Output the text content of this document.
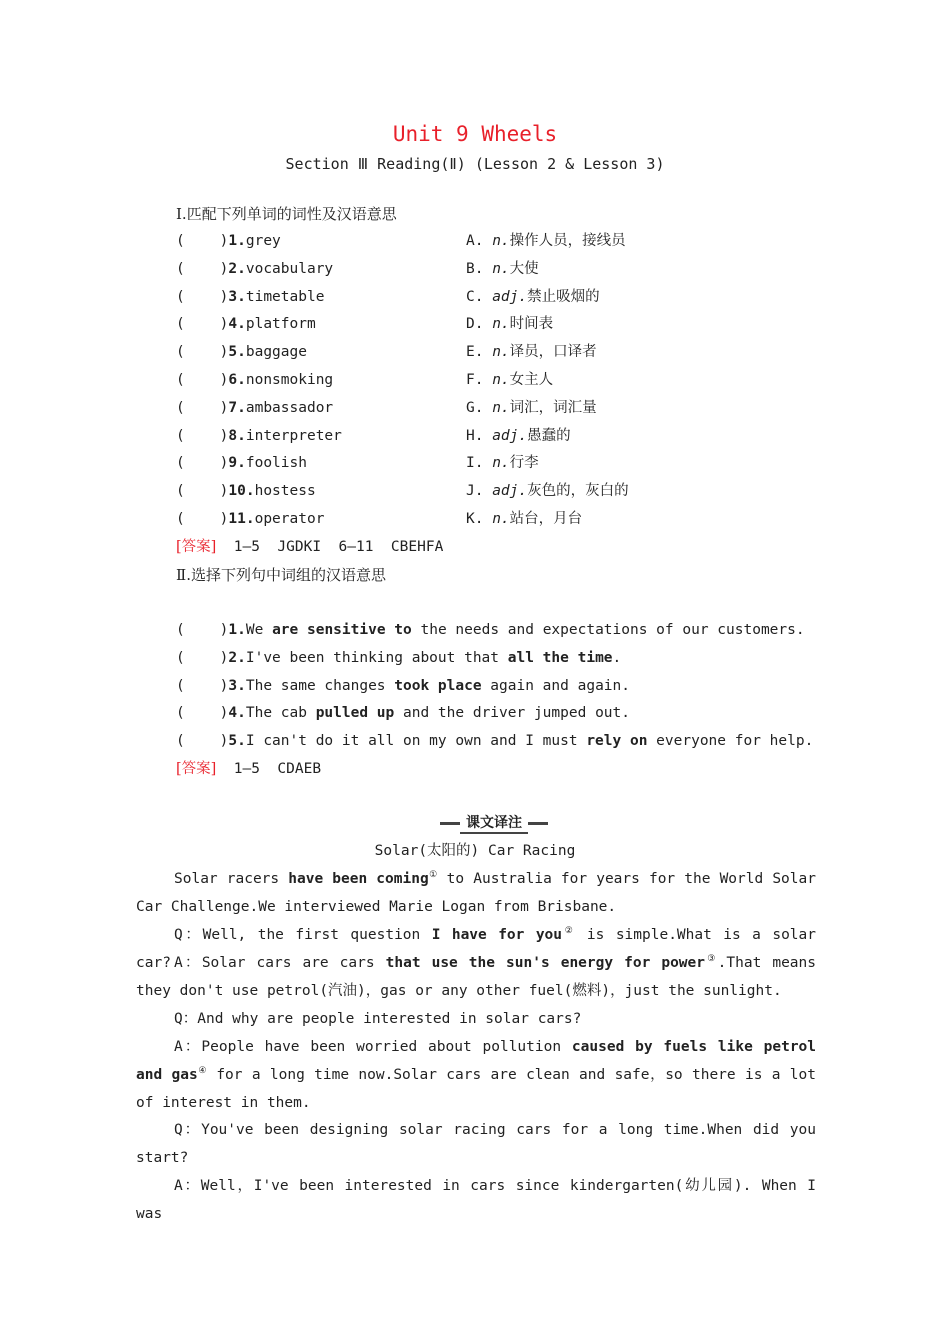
Unit 9 Wheels
Section Ⅲ Reading(Ⅱ) (Lesson 2 & Lesson 3)
Ⅰ.匹配下列单词的词性及汉语意思
(    )1.grey	A. n.操作人员，接线员
(    )2.vocabulary	B. n.大使
(    )3.timetable	C. adj.禁止吸烟的
(    )4.platform	D. n.时间表
(    )5.baggage	E. n.译员，口译者
(    )6.nonsmoking	F. n.女主人
(    )7.ambassador	G. n.词汇，词汇量
(    )8.interpreter	H. adj.愚蠢的
(    )9.foolish	I. n.行李
(    )10.hostess	J. adj.灰色的，灰白的
(    )11.operator	K. n.站台，月台
[答案]  1—5  JGDKI  6—11  CBEHFA
Ⅱ.选择下列句中词组的汉语意思
(    )1.We are sensitive to the needs and expectations of our customers.
(    )2.I've been thinking about that all the time.
(    )3.The same changes took place again and again.
(    )4.The cab pulled up and the driver jumped out.
(    )5.I can't do it all on my own and I must rely on everyone for help.
[答案]  1—5  CDAEB
课文译注
Solar(太阳的) Car Racing
Solar racers have been coming① to Australia for years for the World Solar Car Challenge.We interviewed Marie Logan from Brisbane.
Q：Well, the first question I have for you② is simple.What is a solar car? A：Solar cars are cars that use the sun's energy for power③.That means they don't use petrol(汽油)，gas or any other fuel(燃料)，just the sunlight.
Q：And why are people interested in solar cars?
A：People have been worried about pollution caused by fuels like petrol and gas④ for a long time now.Solar cars are clean and safe，so there is a lot of interest in them.
Q：You've been designing solar racing cars for a long time.When did you start?
A：Well，I've been interested in cars since kindergarten(幼儿园). When I was
